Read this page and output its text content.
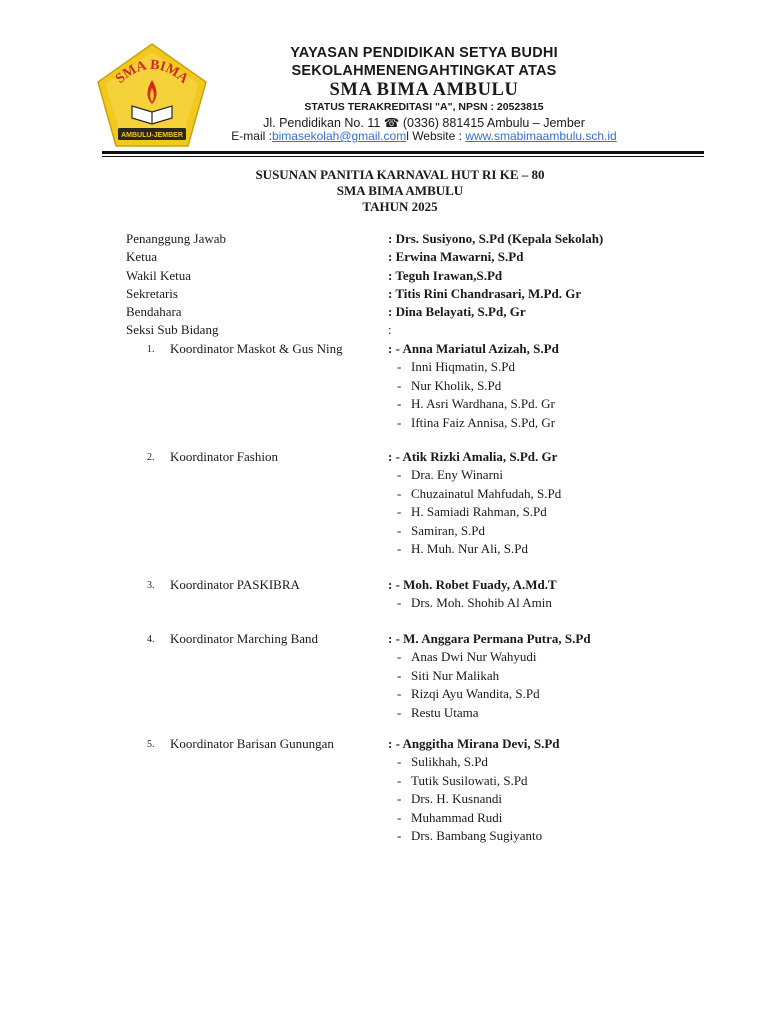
SMA BIMA
AMBULU-JEMBER
YAYASAN PENDIDIKAN SETYA BUDHI
SEKOLAHMENENGAHTINGKAT ATAS
SMA BIMA AMBULU
STATUS TERAKREDITASI "A", NPSN : 20523815
Jl. Pendidikan No. 11 ☎ (0336) 881415 Ambulu – Jember
E-mail :bimasekolah@gmail.coml Website : www.smabimaambulu.sch.id
SUSUNAN PANITIA KARNAVAL HUT RI KE – 80
SMA BIMA AMBULU
TAHUN 2025
Penanggung Jawab	: Drs. Susiyono, S.Pd (Kepala Sekolah)
Ketua	: Erwina Mawarni, S.Pd
Wakil Ketua	: Teguh Irawan,S.Pd
Sekretaris	: Titis Rini Chandrasari, M.Pd. Gr
Bendahara	: Dina Belayati, S.Pd, Gr
Seksi Sub Bidang	:
1. Koordinator Maskot & Gus Ning	: - Anna Mariatul Azizah, S.Pd
- Inni Hiqmatin, S.Pd
- Nur Kholik, S.Pd
- H. Asri Wardhana, S.Pd. Gr
- Iftina Faiz Annisa, S.Pd, Gr
2. Koordinator Fashion	: - Atik Rizki Amalia, S.Pd. Gr
- Dra. Eny Winarni
- Chuzainatul Mahfudah, S.Pd
- H. Samiadi Rahman, S.Pd
- Samiran, S.Pd
- H. Muh. Nur Ali, S.Pd
3. Koordinator PASKIBRA	: - Moh. Robet Fuady, A.Md.T
- Drs. Moh. Shohib Al Amin
4. Koordinator Marching Band	: - M. Anggara Permana Putra, S.Pd
- Anas Dwi Nur Wahyudi
- Siti Nur Malikah
- Rizqi Ayu Wandita, S.Pd
- Restu Utama
5. Koordinator Barisan Gunungan	: - Anggitha Mirana Devi, S.Pd
- Sulikhah, S.Pd
- Tutik Susilowati, S.Pd
- Drs. H. Kusnandi
- Muhammad Rudi
- Drs. Bambang Sugiyanto
